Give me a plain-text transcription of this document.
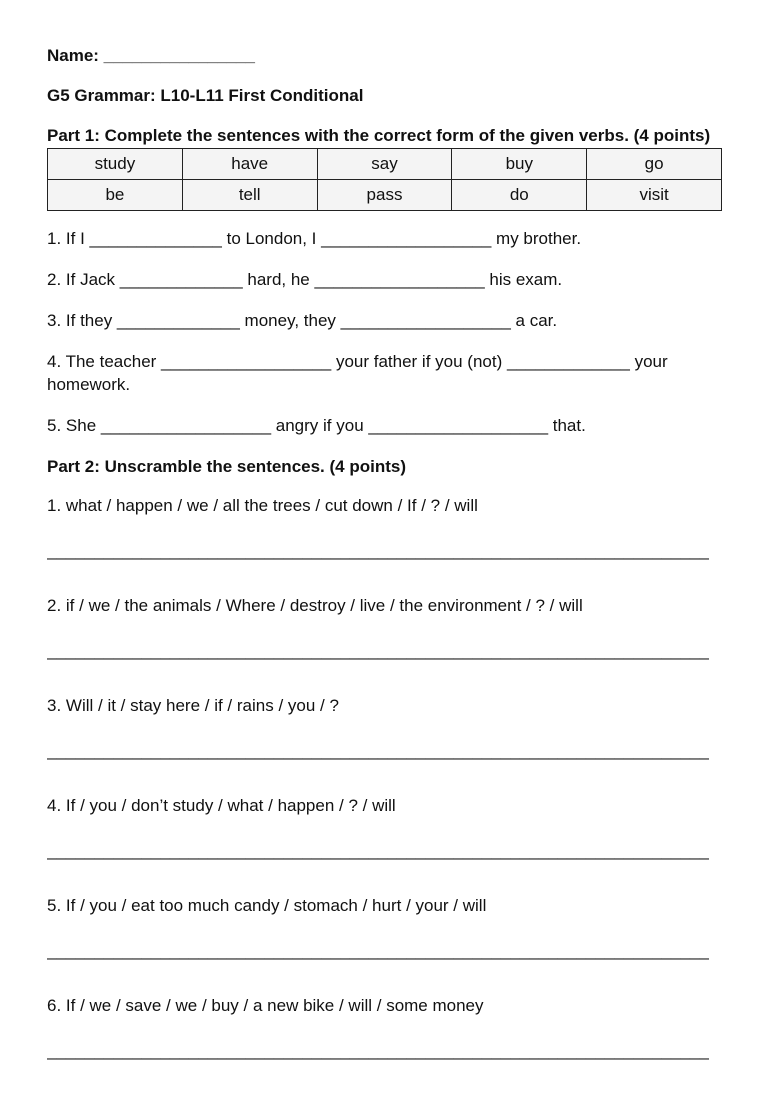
Name: ________________
G5 Grammar: L10-L11 First Conditional
Part 1: Complete the sentences with the correct form of the given verbs. (4 points)
study	have	say	buy	go
be	tell	pass	do	visit
1. If I ______________ to London, I __________________ my brother.
2. If Jack _____________ hard, he __________________ his exam.
3. If they _____________ money, they __________________ a car.
4. The teacher __________________ your father if you (not) _____________ your homework.
5. She __________________ angry if you ___________________ that.
Part 2: Unscramble the sentences. (4 points)
1. what / happen / we / all the trees / cut down / If / ? / will
______________________________________________________________________
2. if / we / the animals / Where / destroy / live / the environment / ? / will
______________________________________________________________________
3. Will / it / stay here / if / rains / you / ?
______________________________________________________________________
4. If / you / don’t study / what / happen / ? / will
______________________________________________________________________
5. If / you / eat too much candy / stomach / hurt / your / will
______________________________________________________________________
6. If / we / save / we / buy / a new bike / will / some money
______________________________________________________________________
